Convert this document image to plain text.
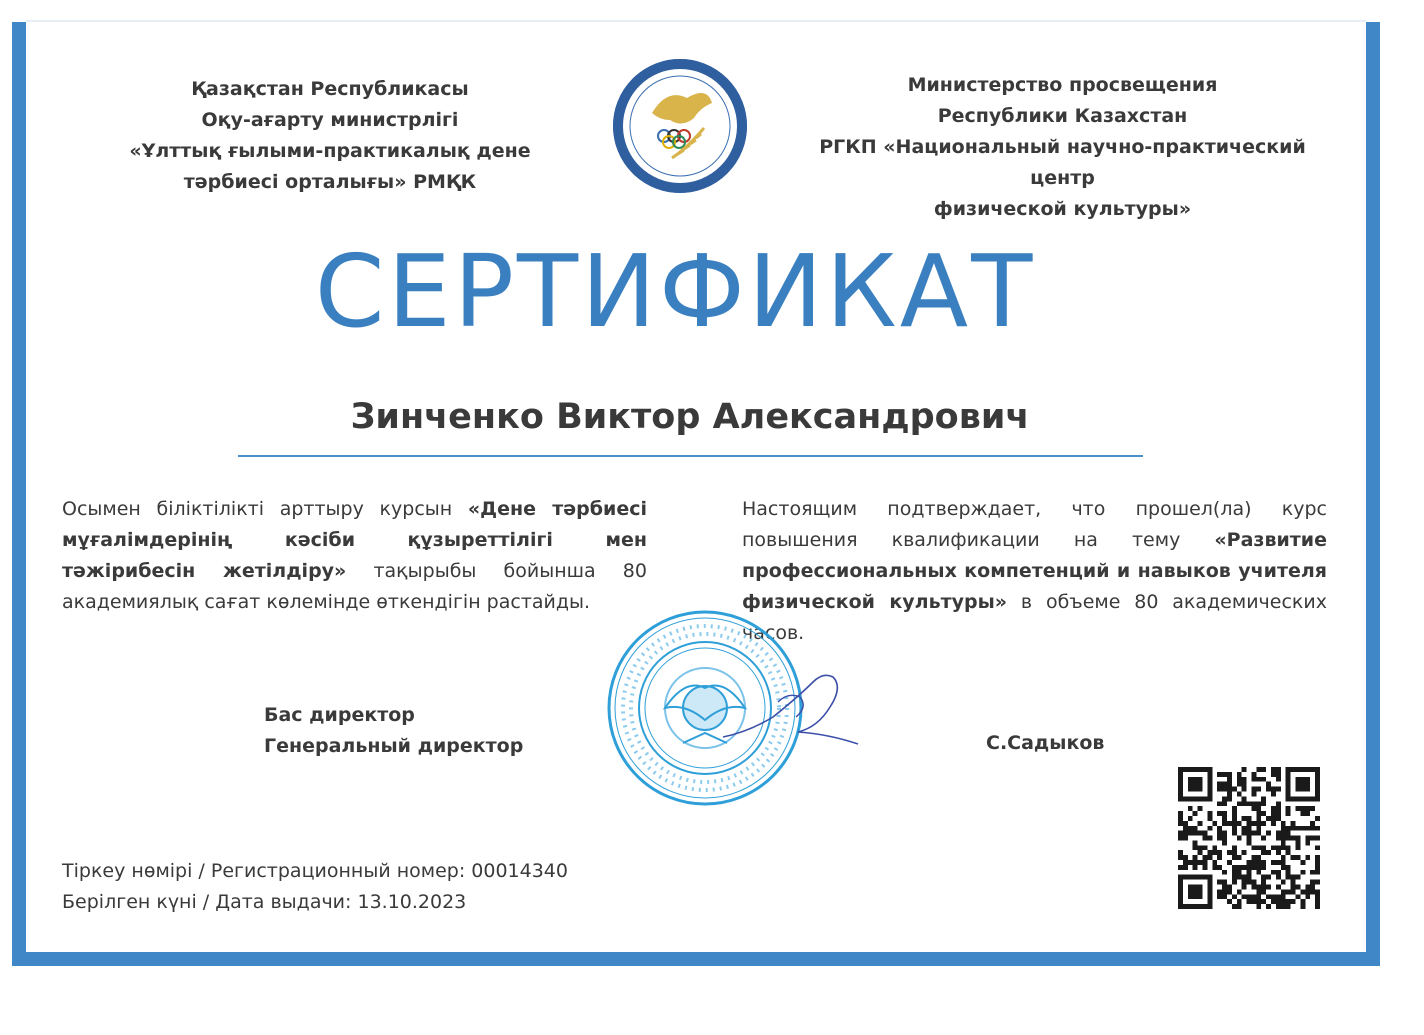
Қазақстан Республикасы
Оқу-ағарту министрлігі
«Ұлттық ғылыми-практикалық дене
тәрбиесі орталығы» РМҚК
Министерство просвещения
Республики Казахстан
РГКП «Национальный научно-практический центр
физической культуры»
СЕРТИФИКАТ
Зинченко Виктор Александрович
Осымен біліктілікті арттыру курсын «Дене тәрбиесі мұғалімдерінің кәсіби құзыреттілігі мен тәжірибесін жетілдіру» тақырыбы бойынша 80 академиялық сағат көлемінде өткендігін растайды.
Настоящим подтверждает, что прошел(ла) курс повышения квалификации на тему «Развитие профессиональных компетенций и навыков учителя физической культуры» в объеме 80 академических часов.
Бас директор
Генеральный директор	С.Садыков
Тіркеу нөмірі / Регистрационный номер: 00014340
Берілген күні / Дата выдачи: 13.10.2023
